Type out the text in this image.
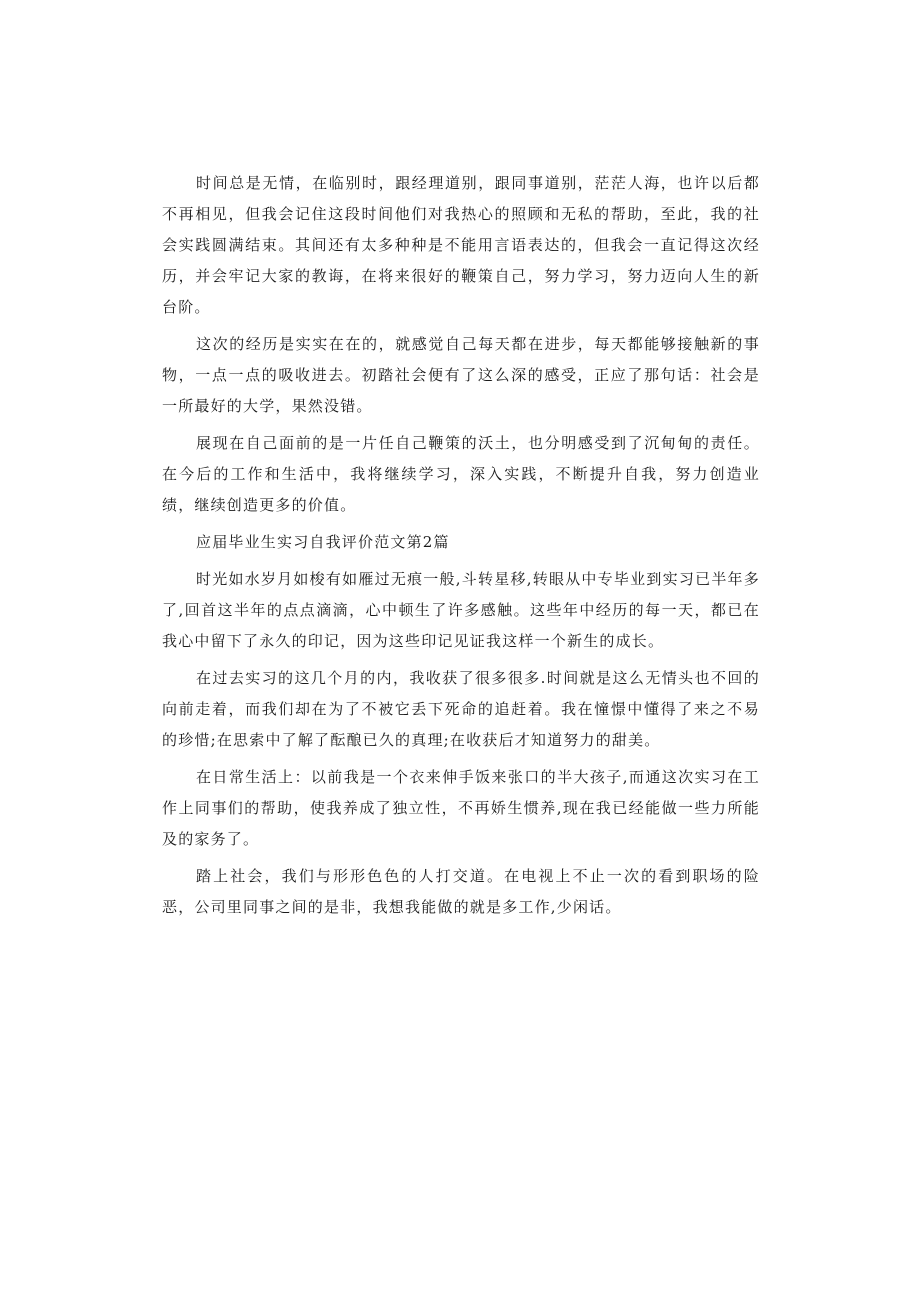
时间总是无情，在临别时，跟经理道别，跟同事道别，茫茫人海，也许以后都不再相见，但我会记住这段时间他们对我热心的照顾和无私的帮助，至此，我的社会实践圆满结束。其间还有太多种种是不能用言语表达的，但我会一直记得这次经历，并会牢记大家的教诲，在将来很好的鞭策自己，努力学习，努力迈向人生的新台阶。

这次的经历是实实在在的，就感觉自己每天都在进步，每天都能够接触新的事物，一点一点的吸收进去。初踏社会便有了这么深的感受，正应了那句话：社会是一所最好的大学，果然没错。

展现在自己面前的是一片任自己鞭策的沃土，也分明感受到了沉甸甸的责任。在今后的工作和生活中，我将继续学习，深入实践，不断提升自我，努力创造业绩，继续创造更多的价值。

应届毕业生实习自我评价范文第2篇

时光如水岁月如梭有如雁过无痕一般,斗转星移,转眼从中专毕业到实习已半年多了,回首这半年的点点滴滴，心中顿生了许多感触。这些年中经历的每一天，都已在我心中留下了永久的印记，因为这些印记见证我这样一个新生的成长。

在过去实习的这几个月的内，我收获了很多很多.时间就是这么无情头也不回的向前走着，而我们却在为了不被它丢下死命的追赶着。我在憧憬中懂得了来之不易的珍惜;在思索中了解了酝酿已久的真理;在收获后才知道努力的甜美。

在日常生活上：以前我是一个衣来伸手饭来张口的半大孩子,而通这次实习在工作上同事们的帮助，使我养成了独立性，不再娇生惯养,现在我已经能做一些力所能及的家务了。

踏上社会，我们与形形色色的人打交道。在电视上不止一次的看到职场的险恶，公司里同事之间的是非，我想我能做的就是多工作,少闲话。
